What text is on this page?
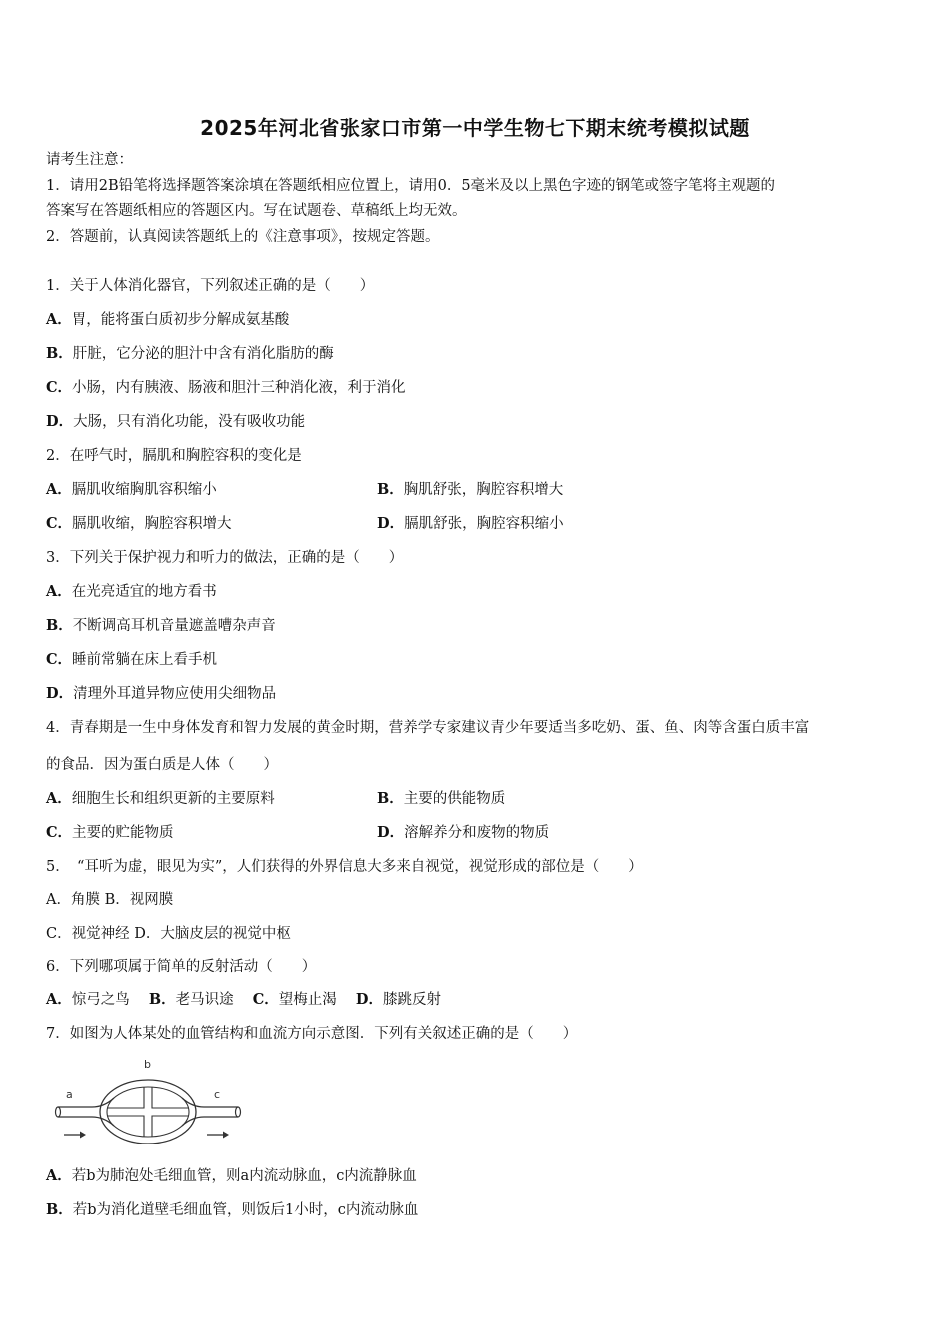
2025年河北省张家口市第一中学生物七下期末统考模拟试题
请考生注意：
1．请用2B铅笔将选择题答案涂填在答题纸相应位置上，请用0．5毫米及以上黑色字迹的钢笔或签字笔将主观题的
答案写在答题纸相应的答题区内。写在试题卷、草稿纸上均无效。
2．答题前，认真阅读答题纸上的《注意事项》，按规定答题。
1．关于人体消化器官，下列叙述正确的是（　　）
A．胃，能将蛋白质初步分解成氨基酸
B．肝脏，它分泌的胆汁中含有消化脂肪的酶
C．小肠，内有胰液、肠液和胆汁三种消化液，利于消化
D．大肠，只有消化功能，没有吸收功能
2．在呼气时，膈肌和胸腔容积的变化是
A．膈肌收缩胸肌容积缩小	B．胸肌舒张，胸腔容积增大
C．膈肌收缩，胸腔容积增大	D．膈肌舒张，胸腔容积缩小
3．下列关于保护视力和听力的做法，正确的是（　　）
A．在光亮适宜的地方看书
B．不断调高耳机音量遮盖嘈杂声音
C．睡前常躺在床上看手机
D．清理外耳道异物应使用尖细物品
4．青春期是一生中身体发育和智力发展的黄金时期，营养学专家建议青少年要适当多吃奶、蛋、鱼、肉等含蛋白质丰富
的食品．因为蛋白质是人体（　　）
A．细胞生长和组织更新的主要原料	B．主要的供能物质
C．主要的贮能物质	D．溶解养分和废物的物质
5．　“耳听为虚，眼见为实”，人们获得的外界信息大多来自视觉，视觉形成的部位是（　　）
A．角膜 B．视网膜
C．视觉神经 D．大脑皮层的视觉中枢
6．下列哪项属于简单的反射活动（　　）
A．惊弓之鸟　 B．老马识途　 C．望梅止渴　 D．膝跳反射
7．如图为人体某处的血管结构和血流方向示意图．下列有关叙述正确的是（　　）
a
b
c
A．若b为肺泡处毛细血管，则a内流动脉血，c内流静脉血
B．若b为消化道壁毛细血管，则饭后1小时，c内流动脉血
